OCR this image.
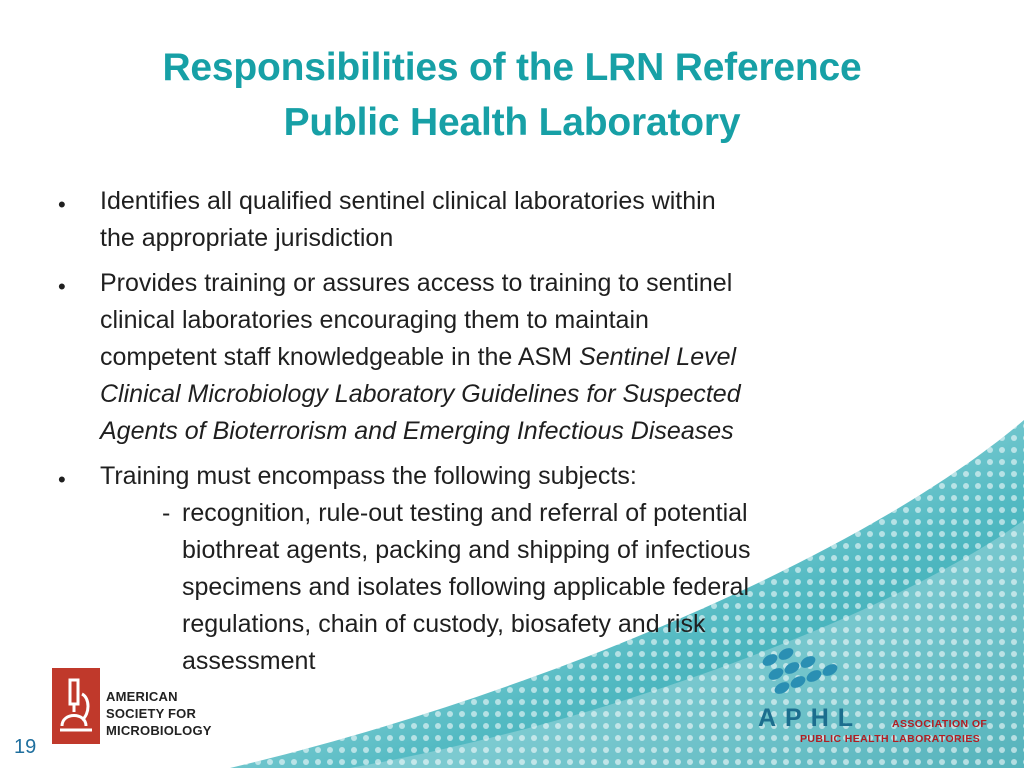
Responsibilities of the LRN Reference
Public Health Laboratory
• Identifies all qualified sentinel clinical laboratories within
the appropriate jurisdiction
• Provides training or assures access to training to sentinel
clinical laboratories encouraging them to maintain
competent staff knowledgeable in the ASM Sentinel Level
Clinical Microbiology Laboratory Guidelines for Suspected
Agents of Bioterrorism and Emerging Infectious Diseases
• Training must encompass the following subjects:
- recognition, rule-out testing and referral of potential
biothreat agents, packing and shipping of infectious
specimens and isolates following applicable federal
regulations, chain of custody, biosafety and risk
assessment
AMERICAN
SOCIETY FOR
MICROBIOLOGY	APHL	ASSOCIATION OF
PUBLIC HEALTH LABORATORIES
19
